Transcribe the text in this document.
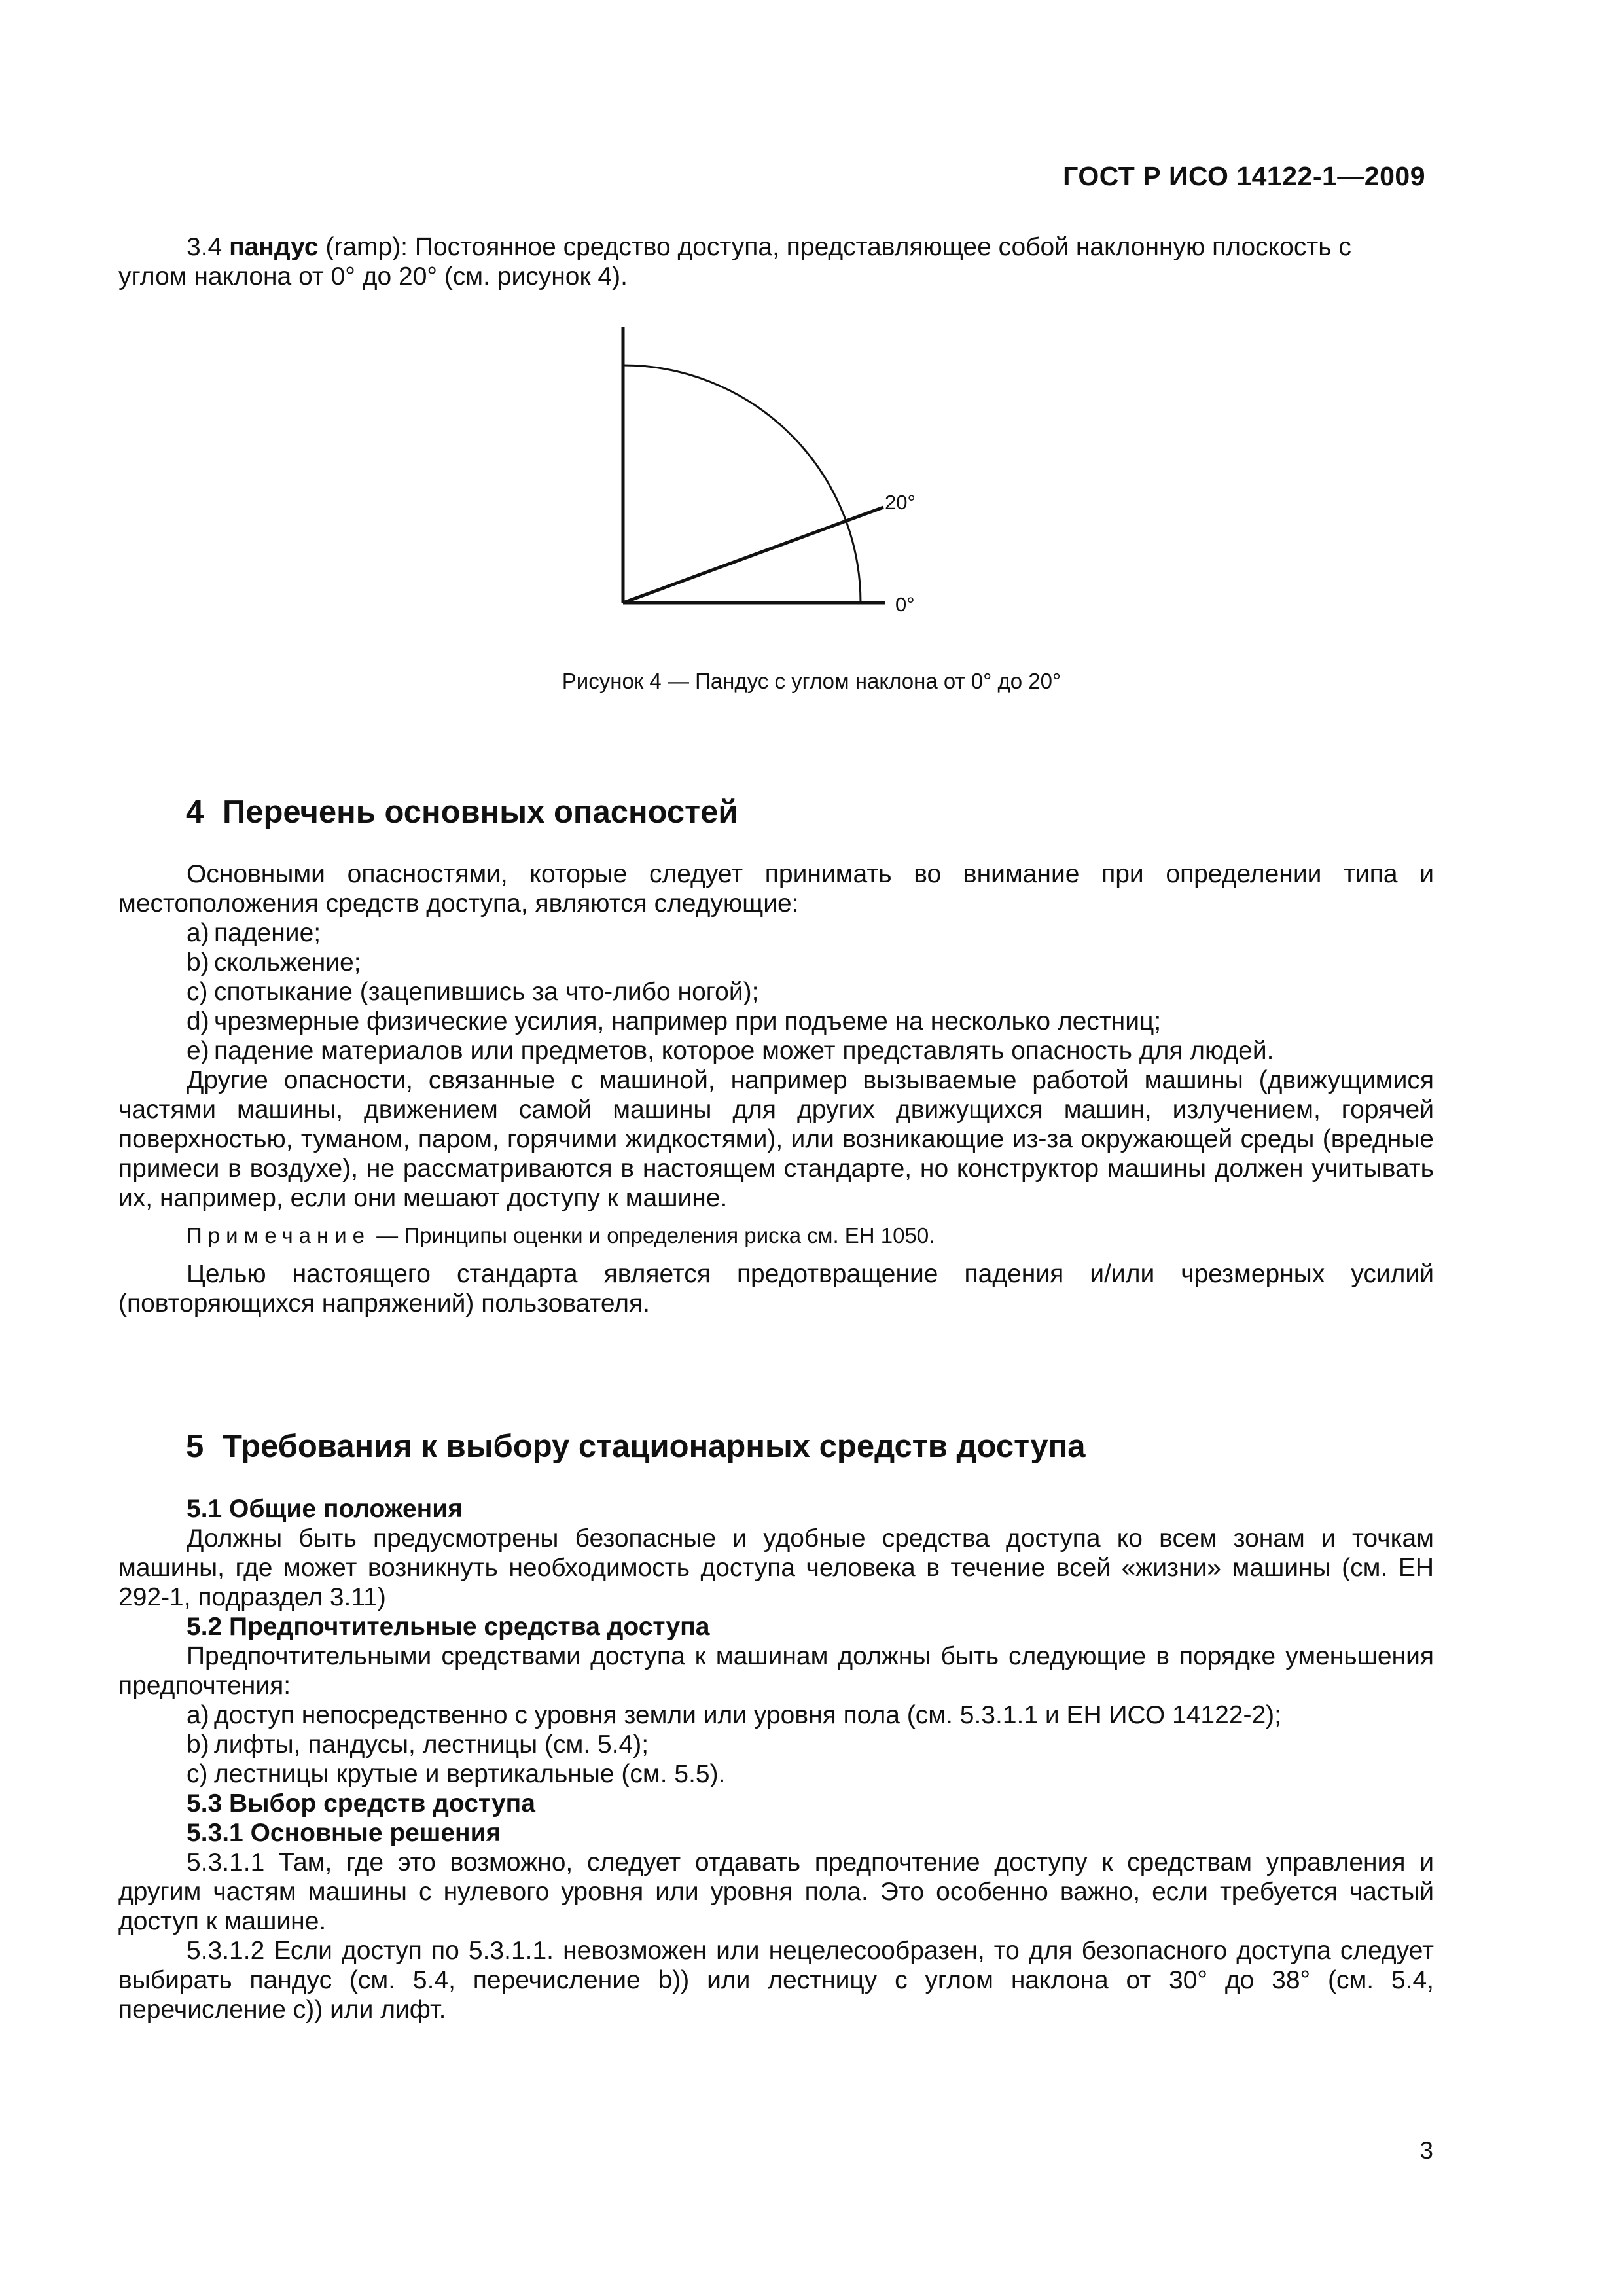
ГОСТ Р ИСО 14122-1—2009

3.4 пандус (ramp): Постоянное средство доступа, представляющее собой наклонную плоскость с

углом наклона от 0° до 20° (см. рисунок 4).

20°
0°
Рисунок 4 — Пандус с углом наклона от 0° до 20°
4 Перечень основных опасностей

Основными опасностями, которые следует принимать во внимание при определении типа и местоположения средств доступа, являются следующие:

a) падение;

b) скольжение;

c) спотыкание (зацепившись за что-либо ногой);

d) чрезмерные физические усилия, например при подъеме на несколько лестниц;

e) падение материалов или предметов, которое может представлять опасность для людей.

Другие опасности, связанные с машиной, например вызываемые работой машины (движущимися частями машины, движением самой машины для других движущихся машин, излучением, горячей поверхностью, туманом, паром, горячими жидкостями), или возникающие из-за окружающей среды (вредные примеси в воздухе), не рассматриваются в настоящем стандарте, но конструктор машины должен учитывать их, например, если они мешают доступу к машине.

Примечание — Принципы оценки и определения риска см. ЕН 1050.

Целью настоящего стандарта является предотвращение падения и/или чрезмерных усилий (повторяющихся напряжений) пользователя.

5 Требования к выбору стационарных средств доступа

5.1 Общие положения

Должны быть предусмотрены безопасные и удобные средства доступа ко всем зонам и точкам машины, где может возникнуть необходимость доступа человека в течение всей «жизни» машины (см. ЕН 292-1, подраздел 3.11)

5.2 Предпочтительные средства доступа

Предпочтительными средствами доступа к машинам должны быть следующие в порядке уменьшения предпочтения:

a) доступ непосредственно с уровня земли или уровня пола (см. 5.3.1.1 и ЕН ИСО 14122-2);

b) лифты, пандусы, лестницы (см. 5.4);

c) лестницы крутые и вертикальные (см. 5.5).

5.3 Выбор средств доступа

5.3.1 Основные решения

5.3.1.1 Там, где это возможно, следует отдавать предпочтение доступу к средствам управления и другим частям машины с нулевого уровня или уровня пола. Это особенно важно, если требуется частый доступ к машине.

5.3.1.2 Если доступ по 5.3.1.1. невозможен или нецелесообразен, то для безопасного доступа следует выбирать пандус (см. 5.4, перечисление b)) или лестницу с углом наклона от 30° до 38° (см. 5.4, перечисление c)) или лифт.

3
